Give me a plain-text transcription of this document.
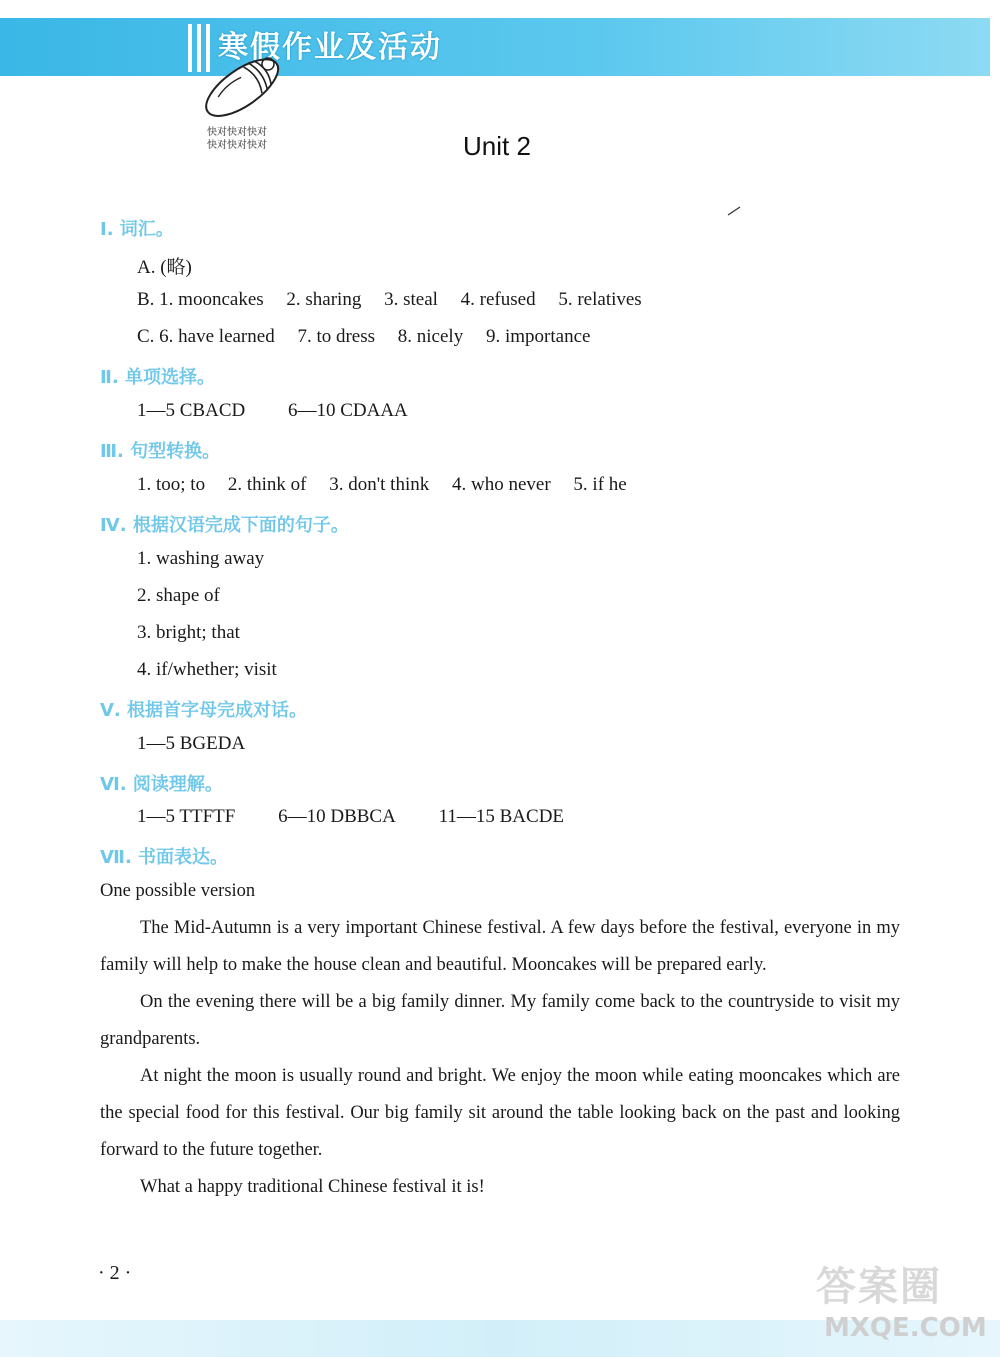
寒假作业及活动
快对快对快对
快对快对快对	Unit 2
Ⅰ. 词汇。
A. (略)
B. 1. mooncakes 2. sharing 3. steal 4. refused 5. relatives
C. 6. have learned 7. to dress 8. nicely 9. importance
Ⅱ. 单项选择。
1—5 CBACD 6—10 CDAAA
Ⅲ. 句型转换。
1. too; to 2. think of 3. don't think 4. who never 5. if he
Ⅳ. 根据汉语完成下面的句子。
1. washing away
2. shape of
3. bright; that
4. if/whether; visit
Ⅴ. 根据首字母完成对话。
1—5 BGEDA
Ⅵ. 阅读理解。
1—5 TTFTF 6—10 DBBCA 11—15 BACDE
Ⅶ. 书面表达。

One possible version

The Mid-Autumn is a very important Chinese festival. A few days before the festival, everyone in my family will help to make the house clean and beautiful. Mooncakes will be prepared early.

On the evening there will be a big family dinner. My family come back to the countryside to visit my grandparents.

At night the moon is usually round and bright. We enjoy the moon while eating mooncakes which are the special food for this festival. Our big family sit around the table looking back on the past and looking forward to the future together.

What a happy traditional Chinese festival it is!

· 2 ·	答案圈
MXQE.COM
